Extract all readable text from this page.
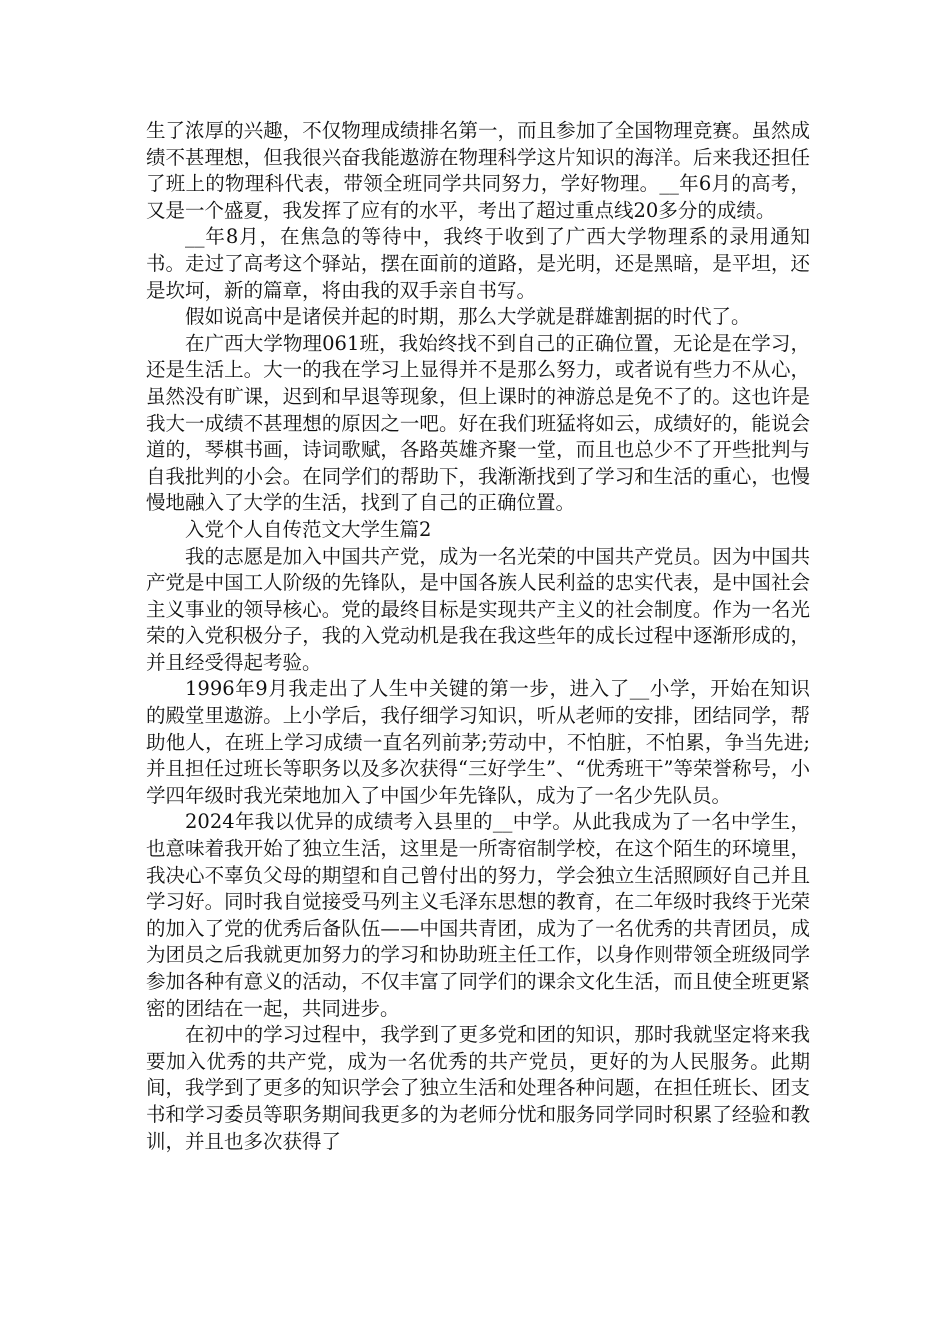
生了浓厚的兴趣，不仅物理成绩排名第一，而且参加了全国物理竞赛。虽然成绩不甚理想，但我很兴奋我能遨游在物理科学这片知识的海洋。后来我还担任了班上的物理科代表，带领全班同学共同努力，学好物理。__年6月的高考，又是一个盛夏，我发挥了应有的水平，考出了超过重点线20多分的成绩。

__年8月，在焦急的等待中，我终于收到了广西大学物理系的录用通知书。走过了高考这个驿站，摆在面前的道路，是光明，还是黑暗，是平坦，还是坎坷，新的篇章，将由我的双手亲自书写。

假如说高中是诸侯并起的时期，那么大学就是群雄割据的时代了。

在广西大学物理061班，我始终找不到自己的正确位置，无论是在学习，还是生活上。大一的我在学习上显得并不是那么努力，或者说有些力不从心，虽然没有旷课，迟到和早退等现象，但上课时的神游总是免不了的。这也许是我大一成绩不甚理想的原因之一吧。好在我们班猛将如云，成绩好的，能说会道的，琴棋书画，诗词歌赋，各路英雄齐聚一堂，而且也总少不了开些批判与自我批判的小会。在同学们的帮助下，我渐渐找到了学习和生活的重心，也慢慢地融入了大学的生活，找到了自己的正确位置。

入党个人自传范文大学生篇2

我的志愿是加入中国共产党，成为一名光荣的中国共产党员。因为中国共产党是中国工人阶级的先锋队，是中国各族人民利益的忠实代表，是中国社会主义事业的领导核心。党的最终目标是实现共产主义的社会制度。作为一名光荣的入党积极分子，我的入党动机是我在我这些年的成长过程中逐渐形成的，并且经受得起考验。

1996年9月我走出了人生中关键的第一步，进入了__小学，开始在知识的殿堂里遨游。上小学后，我仔细学习知识，听从老师的安排，团结同学，帮助他人，在班上学习成绩一直名列前茅;劳动中，不怕脏，不怕累，争当先进;并且担任过班长等职务以及多次获得“三好学生”、“优秀班干”等荣誉称号，小学四年级时我光荣地加入了中国少年先锋队，成为了一名少先队员。

2024年我以优异的成绩考入县里的__中学。从此我成为了一名中学生，也意味着我开始了独立生活，这里是一所寄宿制学校，在这个陌生的环境里，我决心不辜负父母的期望和自己曾付出的努力，学会独立生活照顾好自己并且学习好。同时我自觉接受马列主义毛泽东思想的教育，在二年级时我终于光荣的加入了党的优秀后备队伍——中国共青团，成为了一名优秀的共青团员，成为团员之后我就更加努力的学习和协助班主任工作，以身作则带领全班级同学参加各种有意义的活动，不仅丰富了同学们的课余文化生活，而且使全班更紧密的团结在一起，共同进步。

在初中的学习过程中，我学到了更多党和团的知识，那时我就坚定将来我要加入优秀的共产党，成为一名优秀的共产党员，更好的为人民服务。此期间，我学到了更多的知识学会了独立生活和处理各种问题，在担任班长、团支书和学习委员等职务期间我更多的为老师分忧和服务同学同时积累了经验和教训，并且也多次获得了
